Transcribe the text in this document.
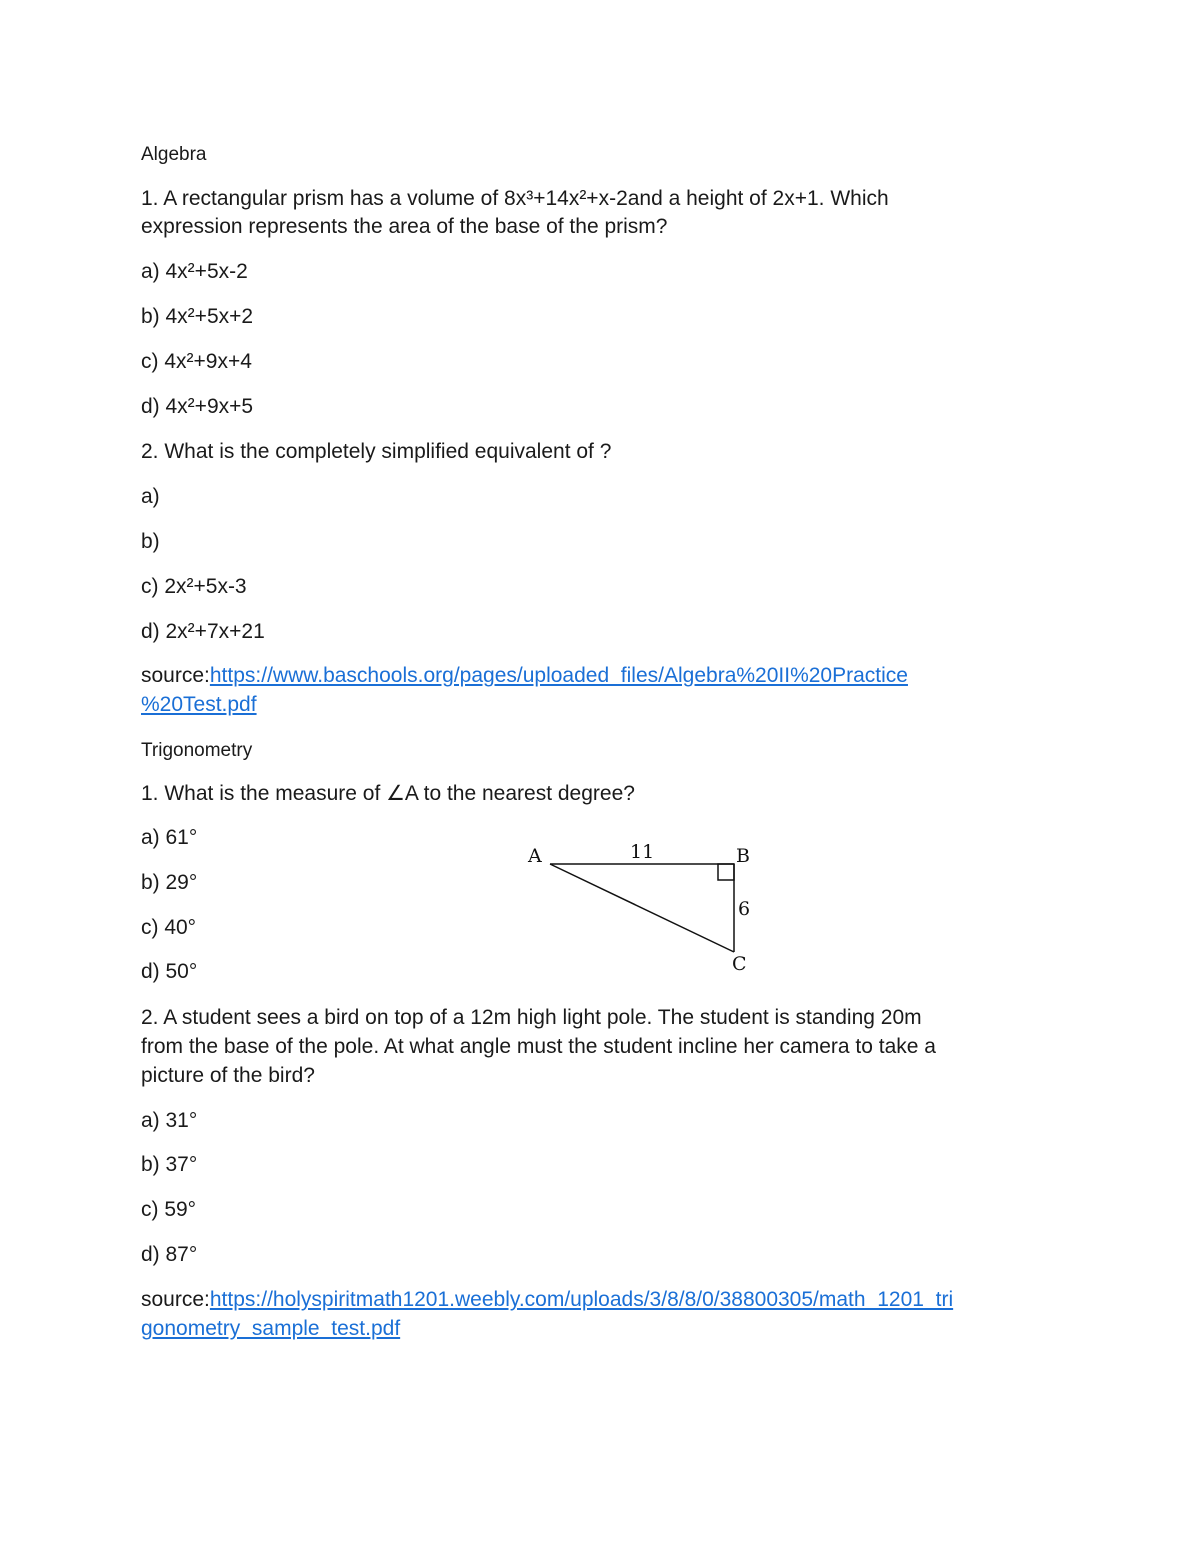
Algebra
1. A rectangular prism has a volume of 8x³+14x²+x-2and a height of 2x+1. Which
expression represents the area of the base of the prism?
a) 4x²+5x-2
b) 4x²+5x+2
c) 4x²+9x+4
d) 4x²+9x+5
2. What is the completely simplified equivalent of ?
a)
b)
c) 2x²+5x-3
d) 2x²+7x+21
source:https://www.baschools.org/pages/uploaded_files/Algebra%20II%20Practice
%20Test.pdf
Trigonometry
1. What is the measure of ∠A to the nearest degree?
a) 61°
b) 29°
c) 40°
d) 50°
A	11	B
6
C
2. A student sees a bird on top of a 12m high light pole. The student is standing 20m
from the base of the pole. At what angle must the student incline her camera to take a
picture of the bird?
a) 31°
b) 37°
c) 59°
d) 87°
source:https://holyspiritmath1201.weebly.com/uploads/3/8/8/0/38800305/math_1201_tri
gonometry_sample_test.pdf
